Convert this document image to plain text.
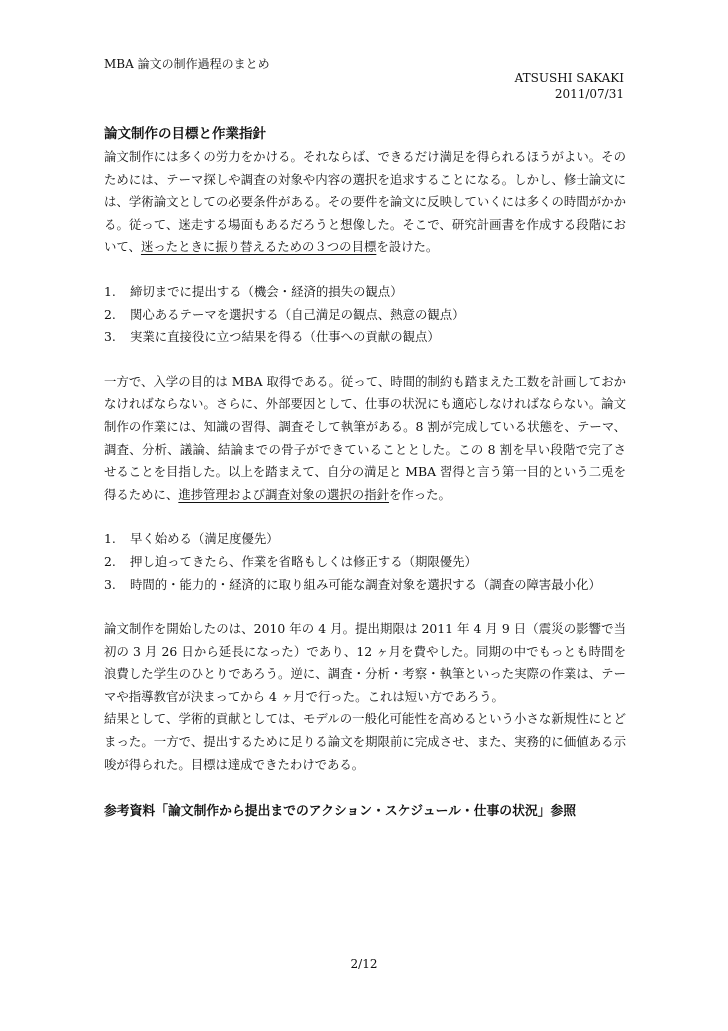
MBA 論文の制作過程のまとめ
ATSUSHI SAKAKI
2011/07/31
論文制作の目標と作業指針

論文制作には多くの労力をかける。それならば、できるだけ満足を得られるほうがよい。そのためには、テーマ探しや調査の対象や内容の選択を追求することになる。しかし、修士論文には、学術論文としての必要条件がある。その要件を論文に反映していくには多くの時間がかかる。従って、迷走する場面もあるだろうと想像した。そこで、研究計画書を作成する段階において、迷ったときに振り替えるための３つの目標を設けた。

1.	締切までに提出する（機会・経済的損失の観点）
2.	関心あるテーマを選択する（自己満足の観点、熱意の観点）
3.	実業に直接役に立つ結果を得る（仕事への貢献の観点）

一方で、入学の目的は MBA 取得である。従って、時間的制約も踏まえた工数を計画しておかなければならない。さらに、外部要因として、仕事の状況にも適応しなければならない。論文制作の作業には、知識の習得、調査そして執筆がある。8 割が完成している状態を、テーマ、調査、分析、議論、結論までの骨子ができていることとした。この 8 割を早い段階で完了させることを目指した。以上を踏まえて、自分の満足と MBA 習得と言う第一目的という二兎を得るために、進捗管理および調査対象の選択の指針を作った。

1.	早く始める（満足度優先）
2.	押し迫ってきたら、作業を省略もしくは修正する（期限優先）
3.	時間的・能力的・経済的に取り組み可能な調査対象を選択する（調査の障害最小化）

論文制作を開始したのは、2010 年の 4 月。提出期限は 2011 年 4 月 9 日（震災の影響で当初の 3 月 26 日から延長になった）であり、12 ヶ月を費やした。同期の中でもっとも時間を浪費した学生のひとりであろう。逆に、調査・分析・考察・執筆といった実際の作業は、テーマや指導教官が決まってから 4 ヶ月で行った。これは短い方であろう。

結果として、学術的貢献としては、モデルの一般化可能性を高めるという小さな新規性にとどまった。一方で、提出するために足りる論文を期限前に完成させ、また、実務的に価値ある示唆が得られた。目標は達成できたわけである。

参考資料「論文制作から提出までのアクション・スケジュール・仕事の状況」参照
2/12
